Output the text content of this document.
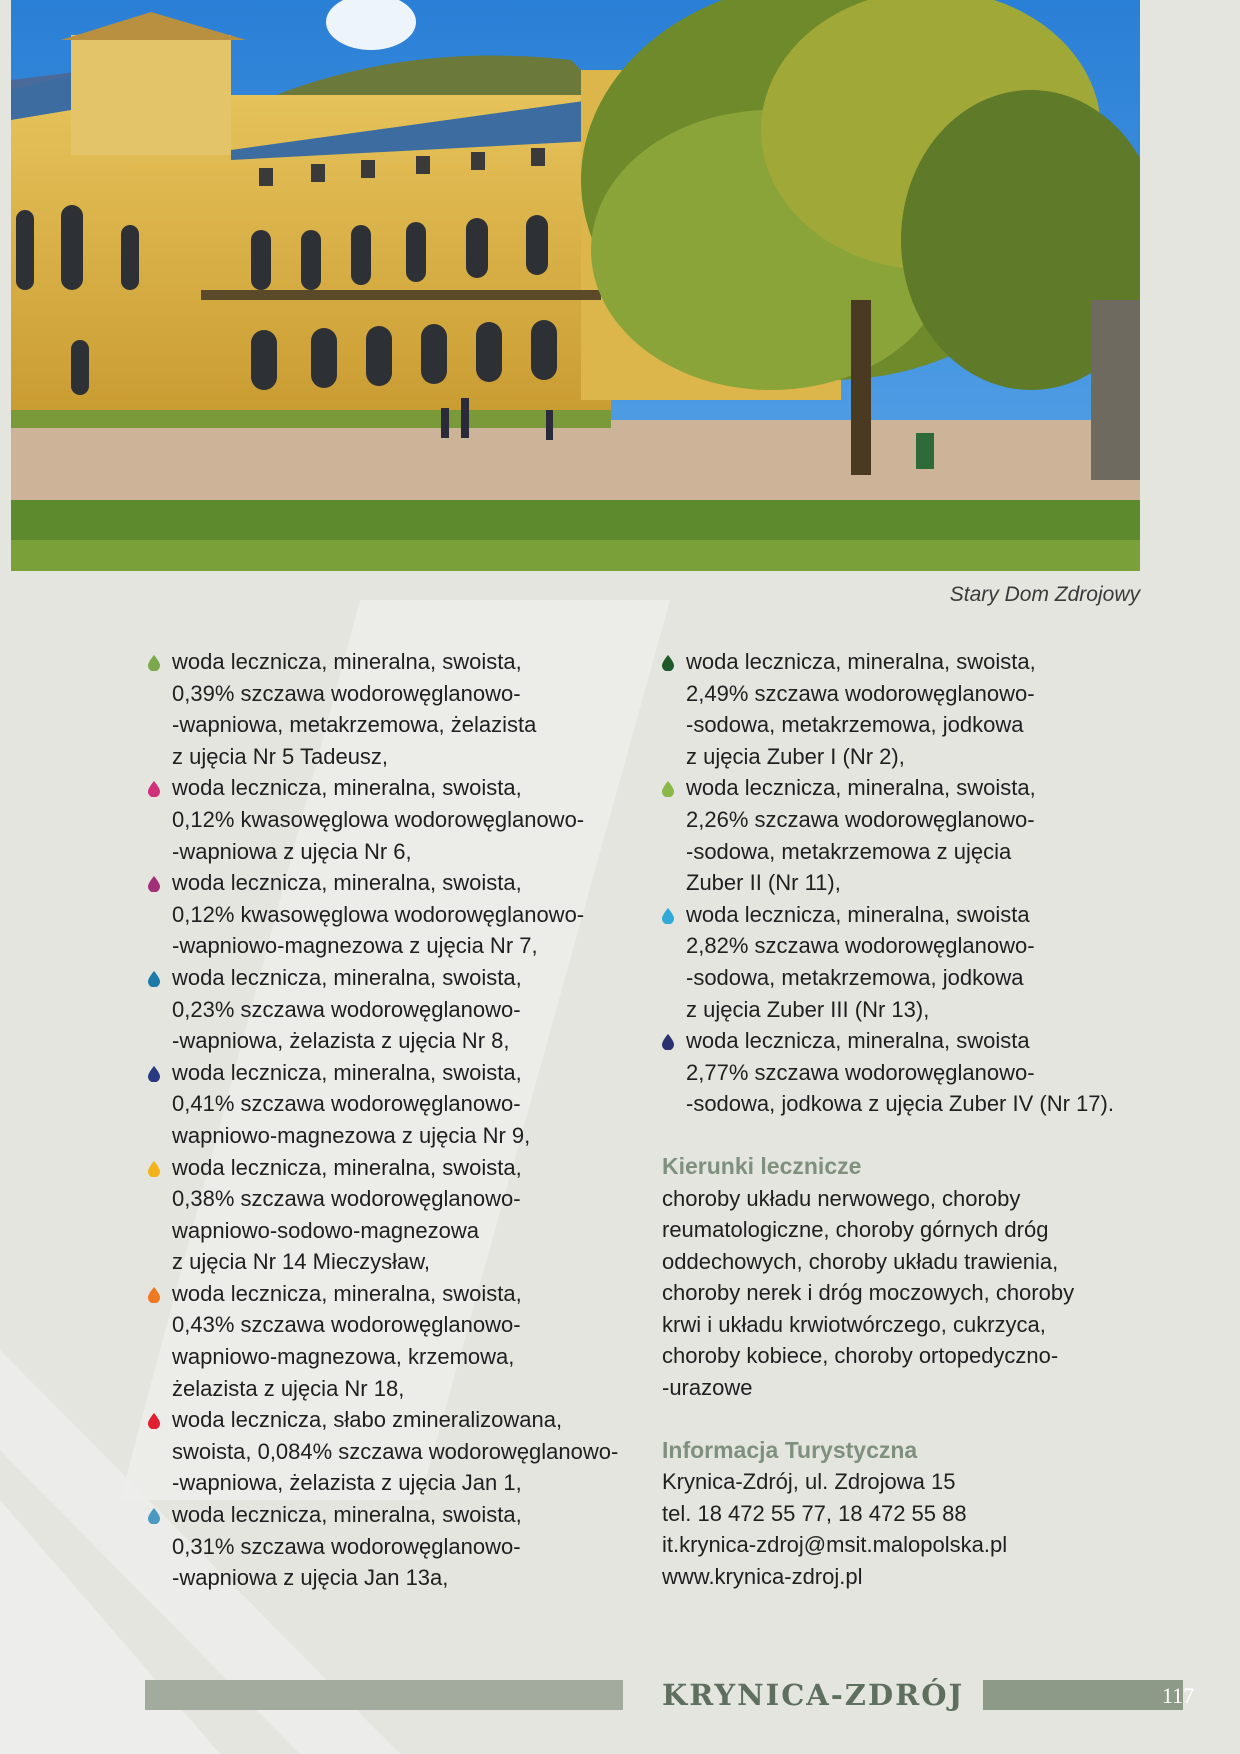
Stary Dom Zdrojowy

woda lecznicza, mineralna, swoista,
0,39% szczawa wodorowęglanowo-
-wapniowa, metakrzemowa, żelazista
z ujęcia Nr 5 Tadeusz,

woda lecznicza, mineralna, swoista,
0,12% kwasowęglowa wodorowęglanowo-
-wapniowa z ujęcia Nr 6,

woda lecznicza, mineralna, swoista,
0,12% kwasowęglowa wodorowęglanowo-
-wapniowo-magnezowa z ujęcia Nr 7,

woda lecznicza, mineralna, swoista,
0,23% szczawa wodorowęglanowo-
-wapniowa, żelazista z ujęcia Nr 8,

woda lecznicza, mineralna, swoista,
0,41% szczawa wodorowęglanowo-
wapniowo-magnezowa z ujęcia Nr 9,

woda lecznicza, mineralna, swoista,
0,38% szczawa wodorowęglanowo-
wapniowo-sodowo-magnezowa
z ujęcia Nr 14 Mieczysław,

woda lecznicza, mineralna, swoista,
0,43% szczawa wodorowęglanowo-
wapniowo-magnezowa, krzemowa,
żelazista z ujęcia Nr 18,

woda lecznicza, słabo zmineralizowana,
swoista, 0,084% szczawa wodorowęglanowo-
-wapniowa, żelazista z ujęcia Jan 1,

woda lecznicza, mineralna, swoista,
0,31% szczawa wodorowęglanowo-
-wapniowa z ujęcia Jan 13a,

woda lecznicza, mineralna, swoista,
2,49% szczawa wodorowęglanowo-
-sodowa, metakrzemowa, jodkowa
z ujęcia Zuber I (Nr 2),

woda lecznicza, mineralna, swoista,
2,26% szczawa wodorowęglanowo-
-sodowa, metakrzemowa z ujęcia
Zuber II (Nr 11),

woda lecznicza, mineralna, swoista
2,82% szczawa wodorowęglanowo-
-sodowa, metakrzemowa, jodkowa
z ujęcia Zuber III (Nr 13),

woda lecznicza, mineralna, swoista
2,77% szczawa wodorowęglanowo-
-sodowa, jodkowa z ujęcia Zuber IV (Nr 17).

Kierunki lecznicze

choroby układu nerwowego, choroby
reumatologiczne, choroby górnych dróg
oddechowych, choroby układu trawienia,
choroby nerek i dróg moczowych, choroby
krwi i układu krwiotwórczego, cukrzyca,
choroby kobiece, choroby ortopedyczno-
-urazowe

Informacja Turystyczna

Krynica-Zdrój, ul. Zdrojowa 15

tel. 18 472 55 77, 18 472 55 88

it.krynica-zdroj@msit.malopolska.pl

www.krynica-zdroj.pl

KRYNICA-ZDRÓJ	117
